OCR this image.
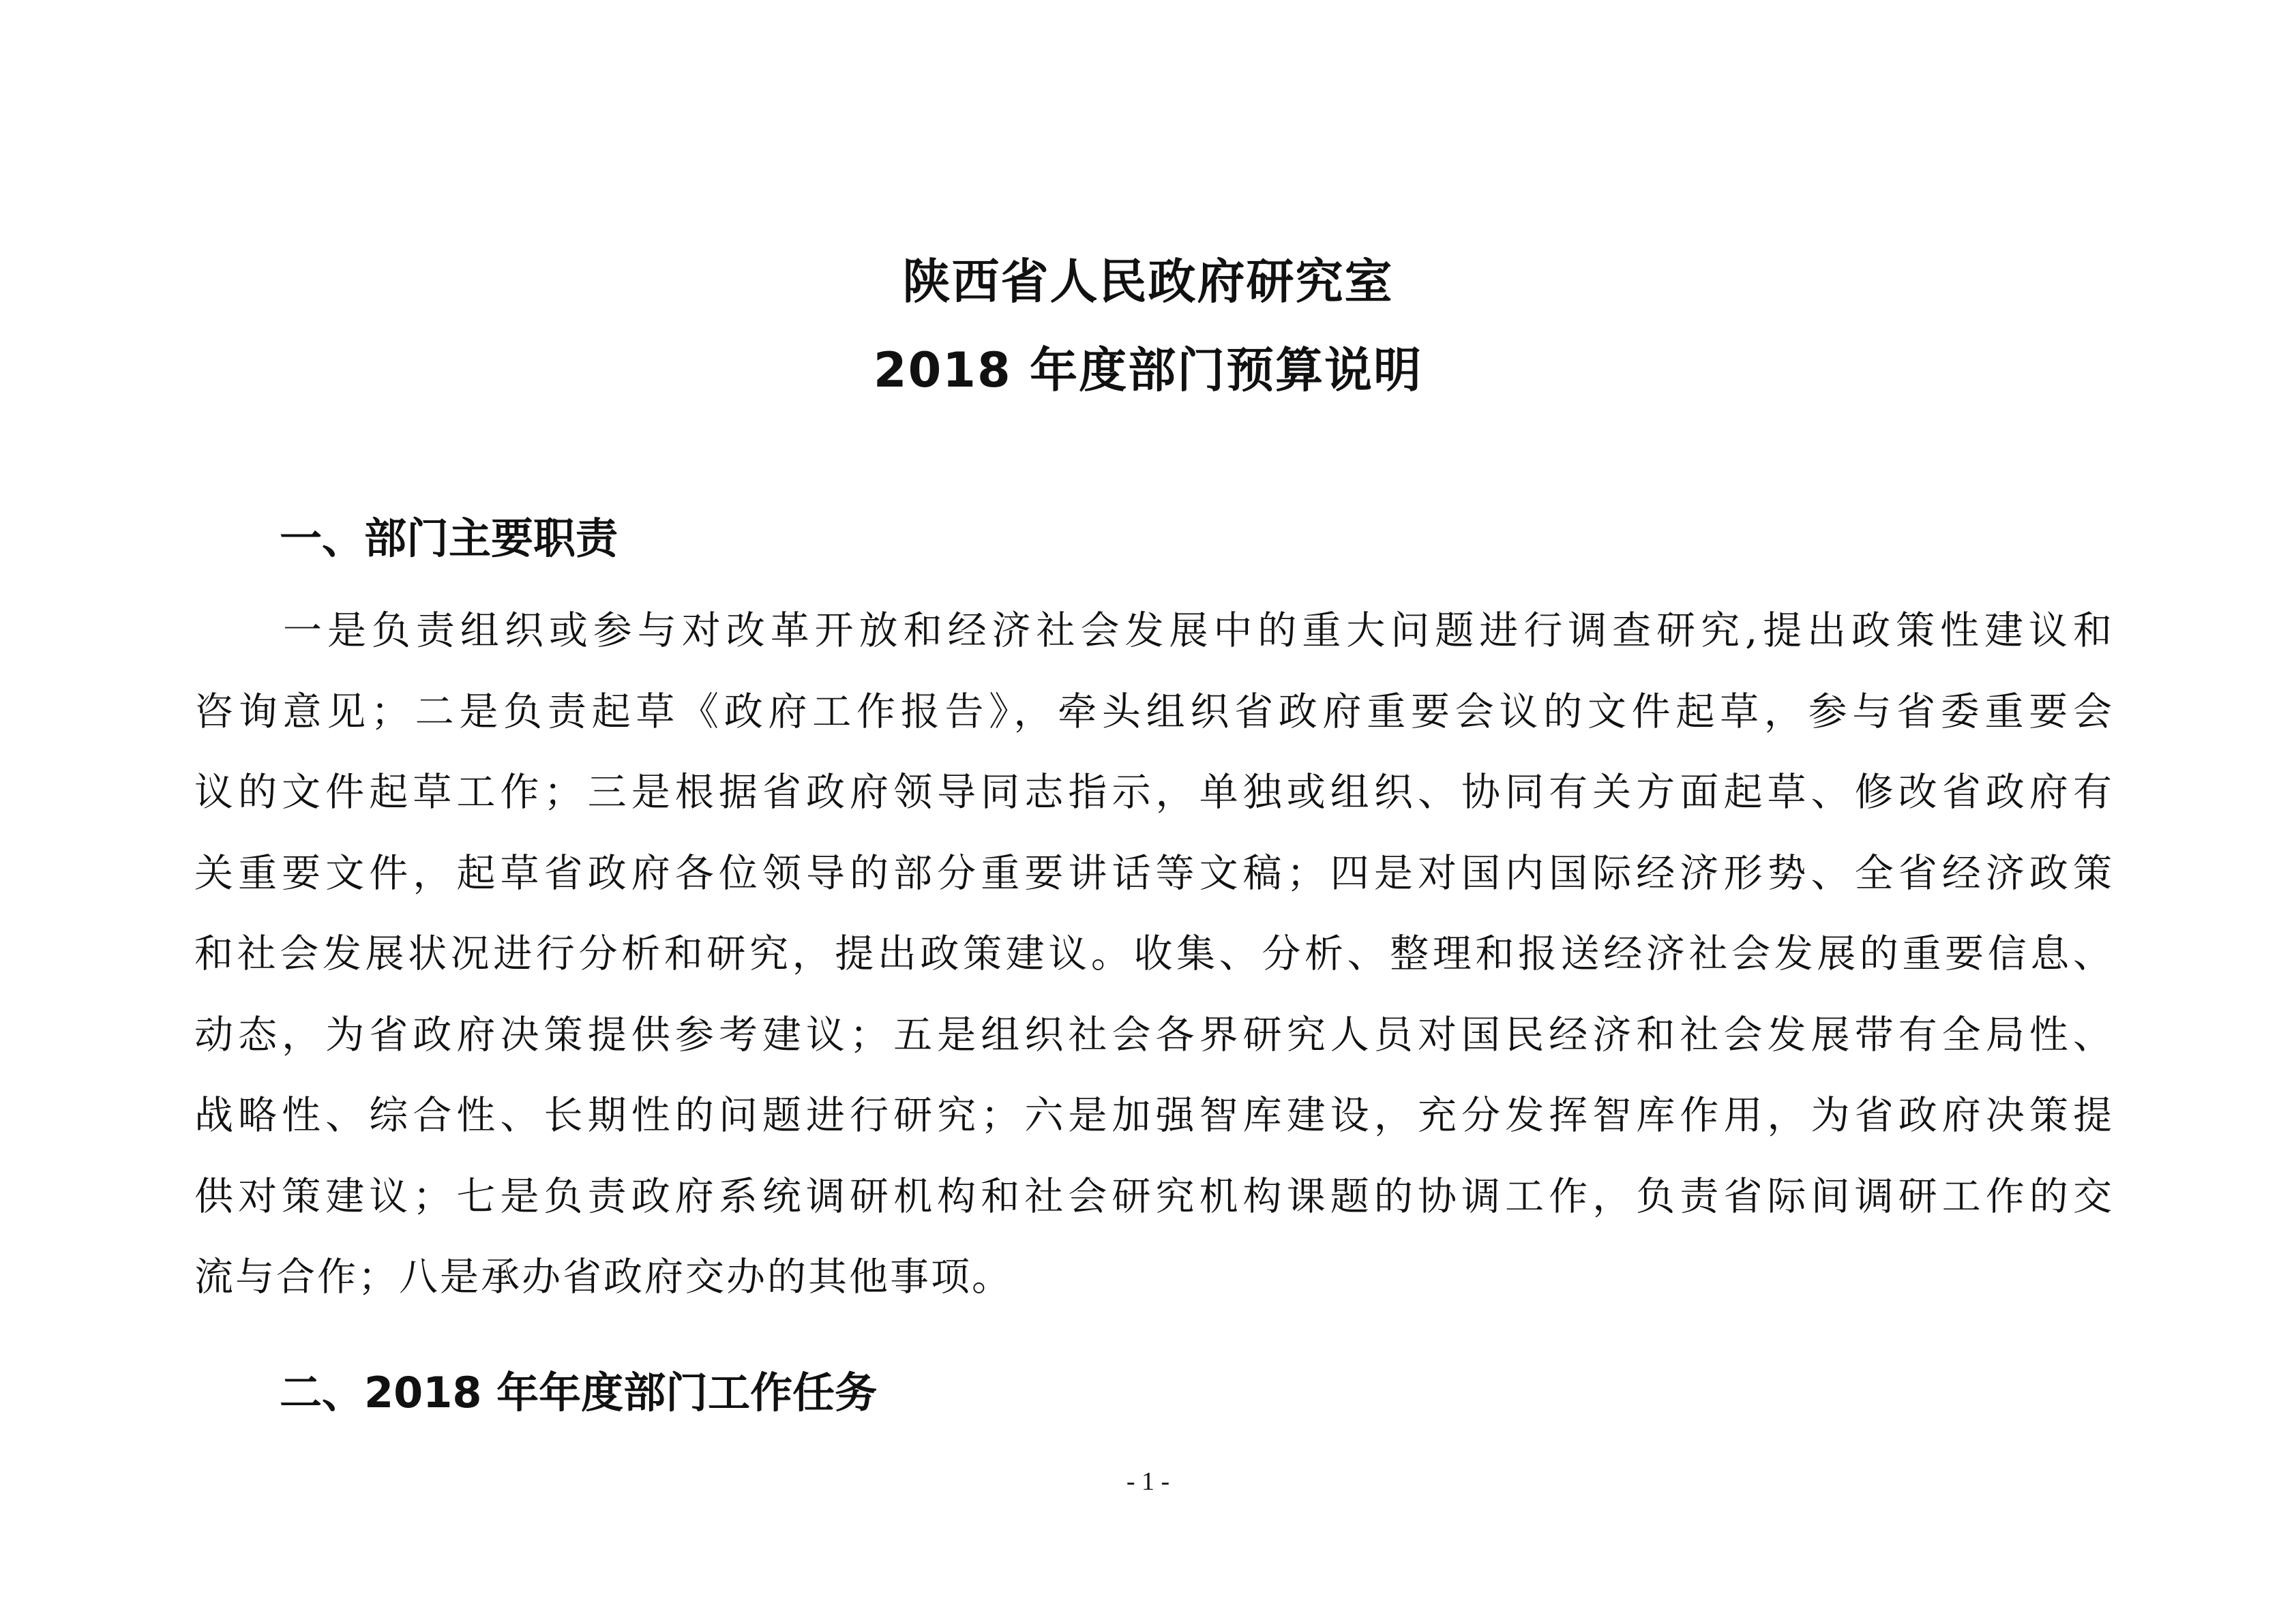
陕西省人民政府研究室
2018 年度部门预算说明
一、部门主要职责
一是负责组织或参与对改革开放和经济社会发展中的重大问题进行调查研究,提出政策性建议和
咨询意见；二是负责起草《政府工作报告》，牵头组织省政府重要会议的文件起草，参与省委重要会
议的文件起草工作；三是根据省政府领导同志指示，单独或组织、协同有关方面起草、修改省政府有
关重要文件，起草省政府各位领导的部分重要讲话等文稿；四是对国内国际经济形势、全省经济政策
和社会发展状况进行分析和研究，提出政策建议。收集、分析、整理和报送经济社会发展的重要信息、
动态，为省政府决策提供参考建议；五是组织社会各界研究人员对国民经济和社会发展带有全局性、
战略性、综合性、长期性的问题进行研究；六是加强智库建设，充分发挥智库作用，为省政府决策提
供对策建议；七是负责政府系统调研机构和社会研究机构课题的协调工作，负责省际间调研工作的交
流与合作；八是承办省政府交办的其他事项。
二、2018 年年度部门工作任务
- 1 -
